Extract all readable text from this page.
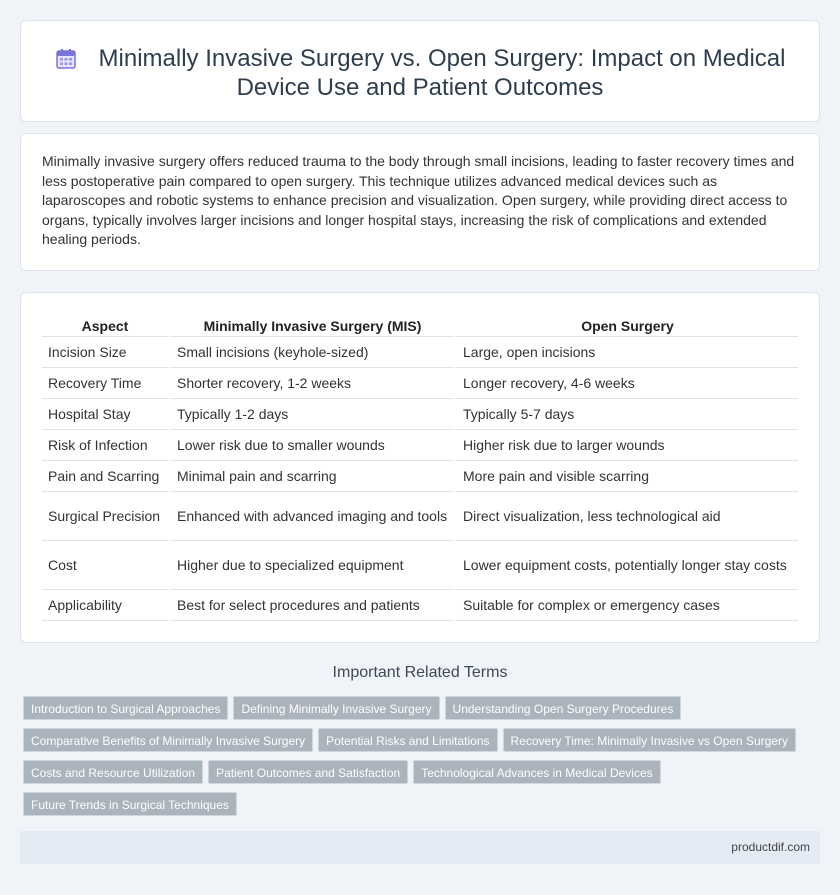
Minimally Invasive Surgery vs. Open Surgery: Impact on Medical Device Use and Patient Outcomes

Minimally invasive surgery offers reduced trauma to the body through small incisions, leading to faster recovery times and less postoperative pain compared to open surgery. This technique utilizes advanced medical devices such as laparoscopes and robotic systems to enhance precision and visualization. Open surgery, while providing direct access to organs, typically involves larger incisions and longer hospital stays, increasing the risk of complications and extended healing periods.

Aspect	Minimally Invasive Surgery (MIS)	Open Surgery
Incision Size	Small incisions (keyhole-sized)	Large, open incisions
Recovery Time	Shorter recovery, 1-2 weeks	Longer recovery, 4-6 weeks
Hospital Stay	Typically 1-2 days	Typically 5-7 days
Risk of Infection	Lower risk due to smaller wounds	Higher risk due to larger wounds
Pain and Scarring	Minimal pain and scarring	More pain and visible scarring
Surgical Precision	Enhanced with advanced imaging and tools	Direct visualization, less technological aid
Cost	Higher due to specialized equipment	Lower equipment costs, potentially longer stay costs
Applicability	Best for select procedures and patients	Suitable for complex or emergency cases
Important Related Terms
Introduction to Surgical Approaches Defining Minimally Invasive Surgery Understanding Open Surgery Procedures
Comparative Benefits of Minimally Invasive Surgery Potential Risks and Limitations Recovery Time: Minimally Invasive vs Open Surgery
Costs and Resource Utilization Patient Outcomes and Satisfaction Technological Advances in Medical Devices
Future Trends in Surgical Techniques
productdif.com
